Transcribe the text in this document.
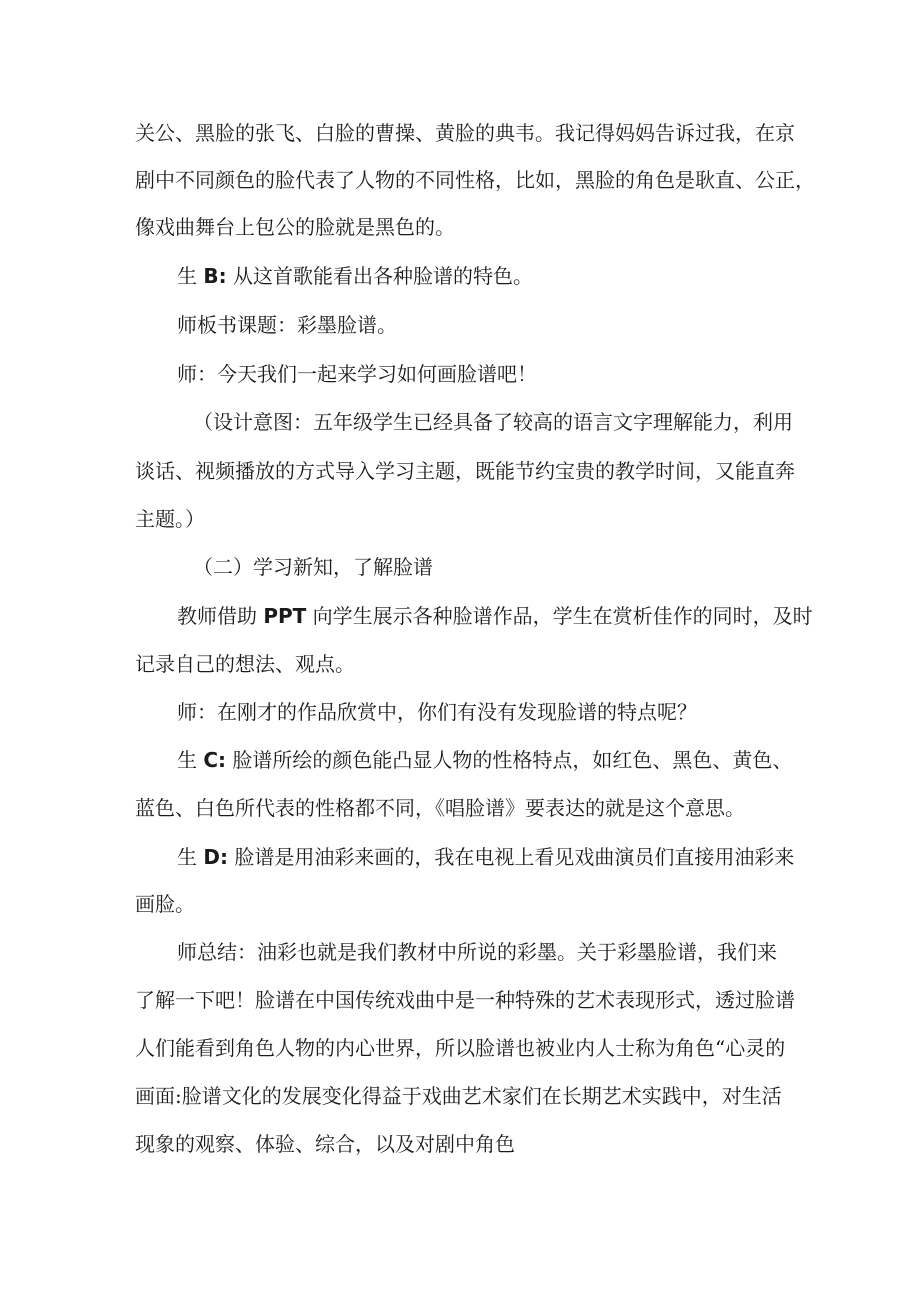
关公、黑脸的张飞、白脸的曹操、黄脸的典韦。我记得妈妈告诉过我，在京
剧中不同颜色的脸代表了人物的不同性格，比如，黑脸的角色是耿直、公正，
像戏曲舞台上包公的脸就是黑色的。
生 B: 从这首歌能看出各种脸谱的特色。
师板书课题：彩墨脸谱。
师：今天我们一起来学习如何画脸谱吧！
（设计意图：五年级学生已经具备了较高的语言文字理解能力，利用
谈话、视频播放的方式导入学习主题，既能节约宝贵的教学时间，又能直奔
主题。）
（二）学习新知，了解脸谱
教师借助 PPT 向学生展示各种脸谱作品，学生在赏析佳作的同时，及时
记录自己的想法、观点。
师：在刚才的作品欣赏中，你们有没有发现脸谱的特点呢？
生 C: 脸谱所绘的颜色能凸显人物的性格特点，如红色、黑色、黄色、
蓝色、白色所代表的性格都不同，《唱脸谱》要表达的就是这个意思。
生 D: 脸谱是用油彩来画的，我在电视上看见戏曲演员们直接用油彩来
画脸。
师总结：油彩也就是我们教材中所说的彩墨。关于彩墨脸谱，我们来
了解一下吧！脸谱在中国传统戏曲中是一种特殊的艺术表现形式，透过脸谱
人们能看到角色人物的内心世界，所以脸谱也被业内人士称为角色“心灵的
画面:脸谱文化的发展变化得益于戏曲艺术家们在长期艺术实践中，对生活
现象的观察、体验、综合，以及对剧中角色
